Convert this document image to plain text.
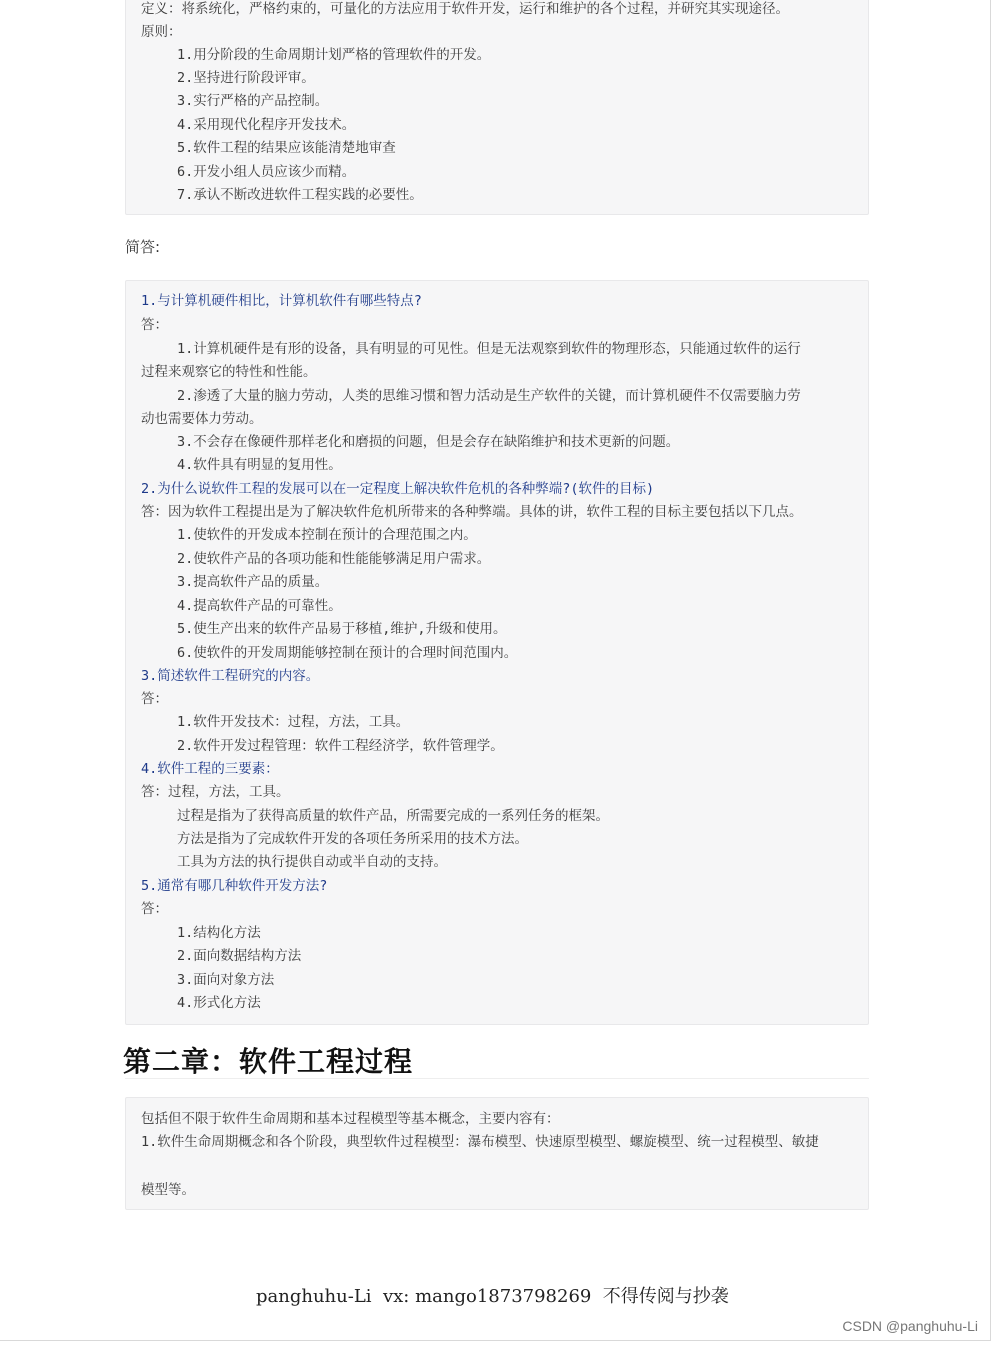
定义：将系统化，严格约束的，可量化的方法应用于软件开发，运行和维护的各个过程，并研究其实现途径。
原则：
1.用分阶段的生命周期计划严格的管理软件的开发。
2.坚持进行阶段评审。
3.实行严格的产品控制。
4.采用现代化程序开发技术。
5.软件工程的结果应该能清楚地审查
6.开发小组人员应该少而精。
7.承认不断改进软件工程实践的必要性。
简答:
1.与计算机硬件相比，计算机软件有哪些特点?
答：
1.计算机硬件是有形的设备，具有明显的可见性。但是无法观察到软件的物理形态，只能通过软件的运行
过程来观察它的特性和性能。
2.渗透了大量的脑力劳动，人类的思维习惯和智力活动是生产软件的关键，而计算机硬件不仅需要脑力劳
动也需要体力劳动。
3.不会存在像硬件那样老化和磨损的问题，但是会存在缺陷维护和技术更新的问题。
4.软件具有明显的复用性。
2.为什么说软件工程的发展可以在一定程度上解决软件危机的各种弊端?(软件的目标)
答：因为软件工程提出是为了解决软件危机所带来的各种弊端。具体的讲，软件工程的目标主要包括以下几点。
1.使软件的开发成本控制在预计的合理范围之内。
2.使软件产品的各项功能和性能能够满足用户需求。
3.提高软件产品的质量。
4.提高软件产品的可靠性。
5.使生产出来的软件产品易于移植,维护,升级和使用。
6.使软件的开发周期能够控制在预计的合理时间范围内。
3.简述软件工程研究的内容。
答：
1.软件开发技术：过程，方法，工具。
2.软件开发过程管理：软件工程经济学，软件管理学。
4.软件工程的三要素：
答：过程，方法，工具。
过程是指为了获得高质量的软件产品，所需要完成的一系列任务的框架。
方法是指为了完成软件开发的各项任务所采用的技术方法。
工具为方法的执行提供自动或半自动的支持。
5.通常有哪几种软件开发方法?
答：
1.结构化方法
2.面向数据结构方法
3.面向对象方法
4.形式化方法
第二章：软件工程过程
包括但不限于软件生命周期和基本过程模型等基本概念，主要内容有：
1.软件生命周期概念和各个阶段，典型软件过程模型：瀑布模型、快速原型模型、螺旋模型、统一过程模型、敏捷
模型等。
panghuhu-Li  vx: mango1873798269  不得传阅与抄袭
CSDN @panghuhu-Li
